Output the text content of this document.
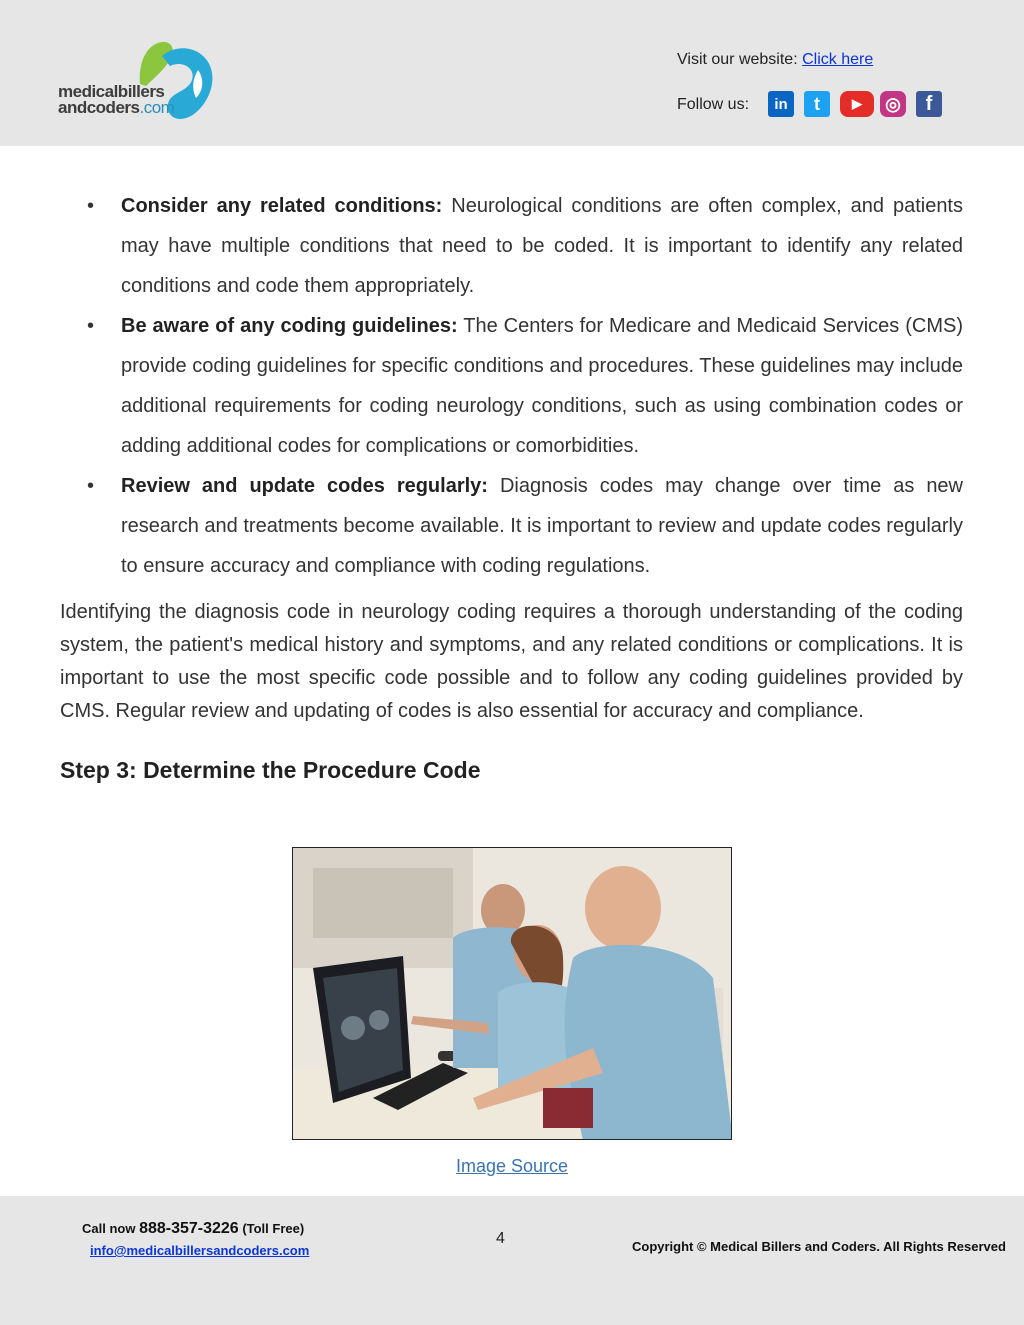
medicalbillers
andcoders.com
Visit our website: Click here
Follow us: in t ▶ ◎ f
• Consider any related conditions: Neurological conditions are often complex, and patients may have multiple conditions that need to be coded. It is important to identify any related conditions and code them appropriately.
• Be aware of any coding guidelines: The Centers for Medicare and Medicaid Services (CMS) provide coding guidelines for specific conditions and procedures. These guidelines may include additional requirements for coding neurology conditions, such as using combination codes or adding additional codes for complications or comorbidities.
• Review and update codes regularly: Diagnosis codes may change over time as new research and treatments become available. It is important to review and update codes regularly to ensure accuracy and compliance with coding regulations.

Identifying the diagnosis code in neurology coding requires a thorough understanding of the coding system, the patient's medical history and symptoms, and any related conditions or complications. It is important to use the most specific code possible and to follow any coding guidelines provided by CMS. Regular review and updating of codes is also essential for accuracy and compliance.

Step 3: Determine the Procedure Code
Image Source
Call now 888-357-3226 (Toll Free)
info@medicalbillersandcoders.com
4	Copyright © Medical Billers and Coders. All Rights Reserved
